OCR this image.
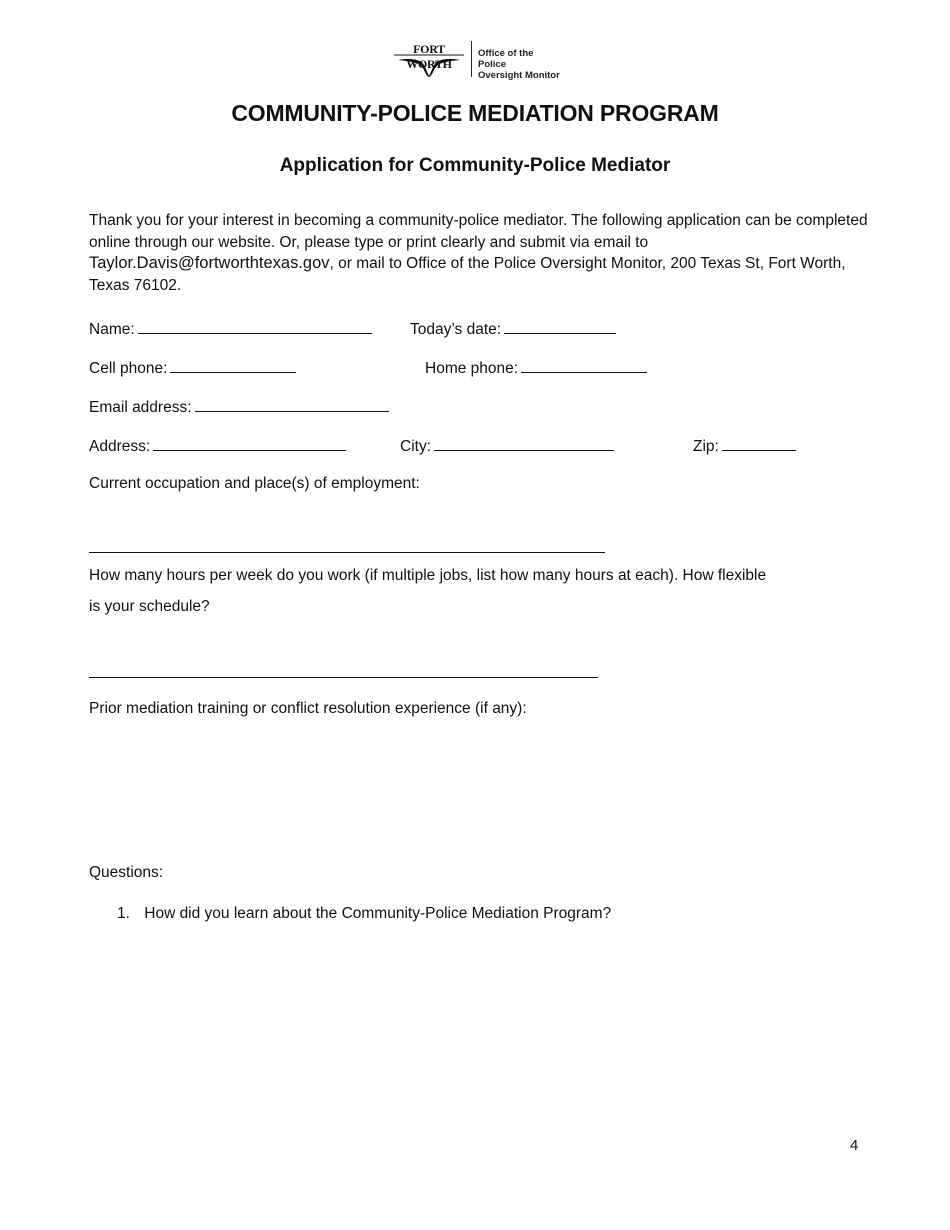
FORT WORTH
Office of the Police
Oversight Monitor
COMMUNITY-POLICE MEDIATION PROGRAM
Application for Community-Police Mediator
Thank you for your interest in becoming a community-police mediator. The following application can be completed online through our website. Or, please type or print clearly and submit via email to Taylor.Davis@fortworthtexas.gov, or mail to Office of the Police Oversight Monitor, 200 Texas St, Fort Worth, Texas 76102.
Name:	Today’s date:
Cell phone:	Home phone:
Email address:
Address:	City:	Zip:
Current occupation and place(s) of employment:
How many hours per week do you work (if multiple jobs, list how many hours at each). How flexible
is your schedule?
Prior mediation training or conflict resolution experience (if any):
Questions:
1. How did you learn about the Community-Police Mediation Program?
4
